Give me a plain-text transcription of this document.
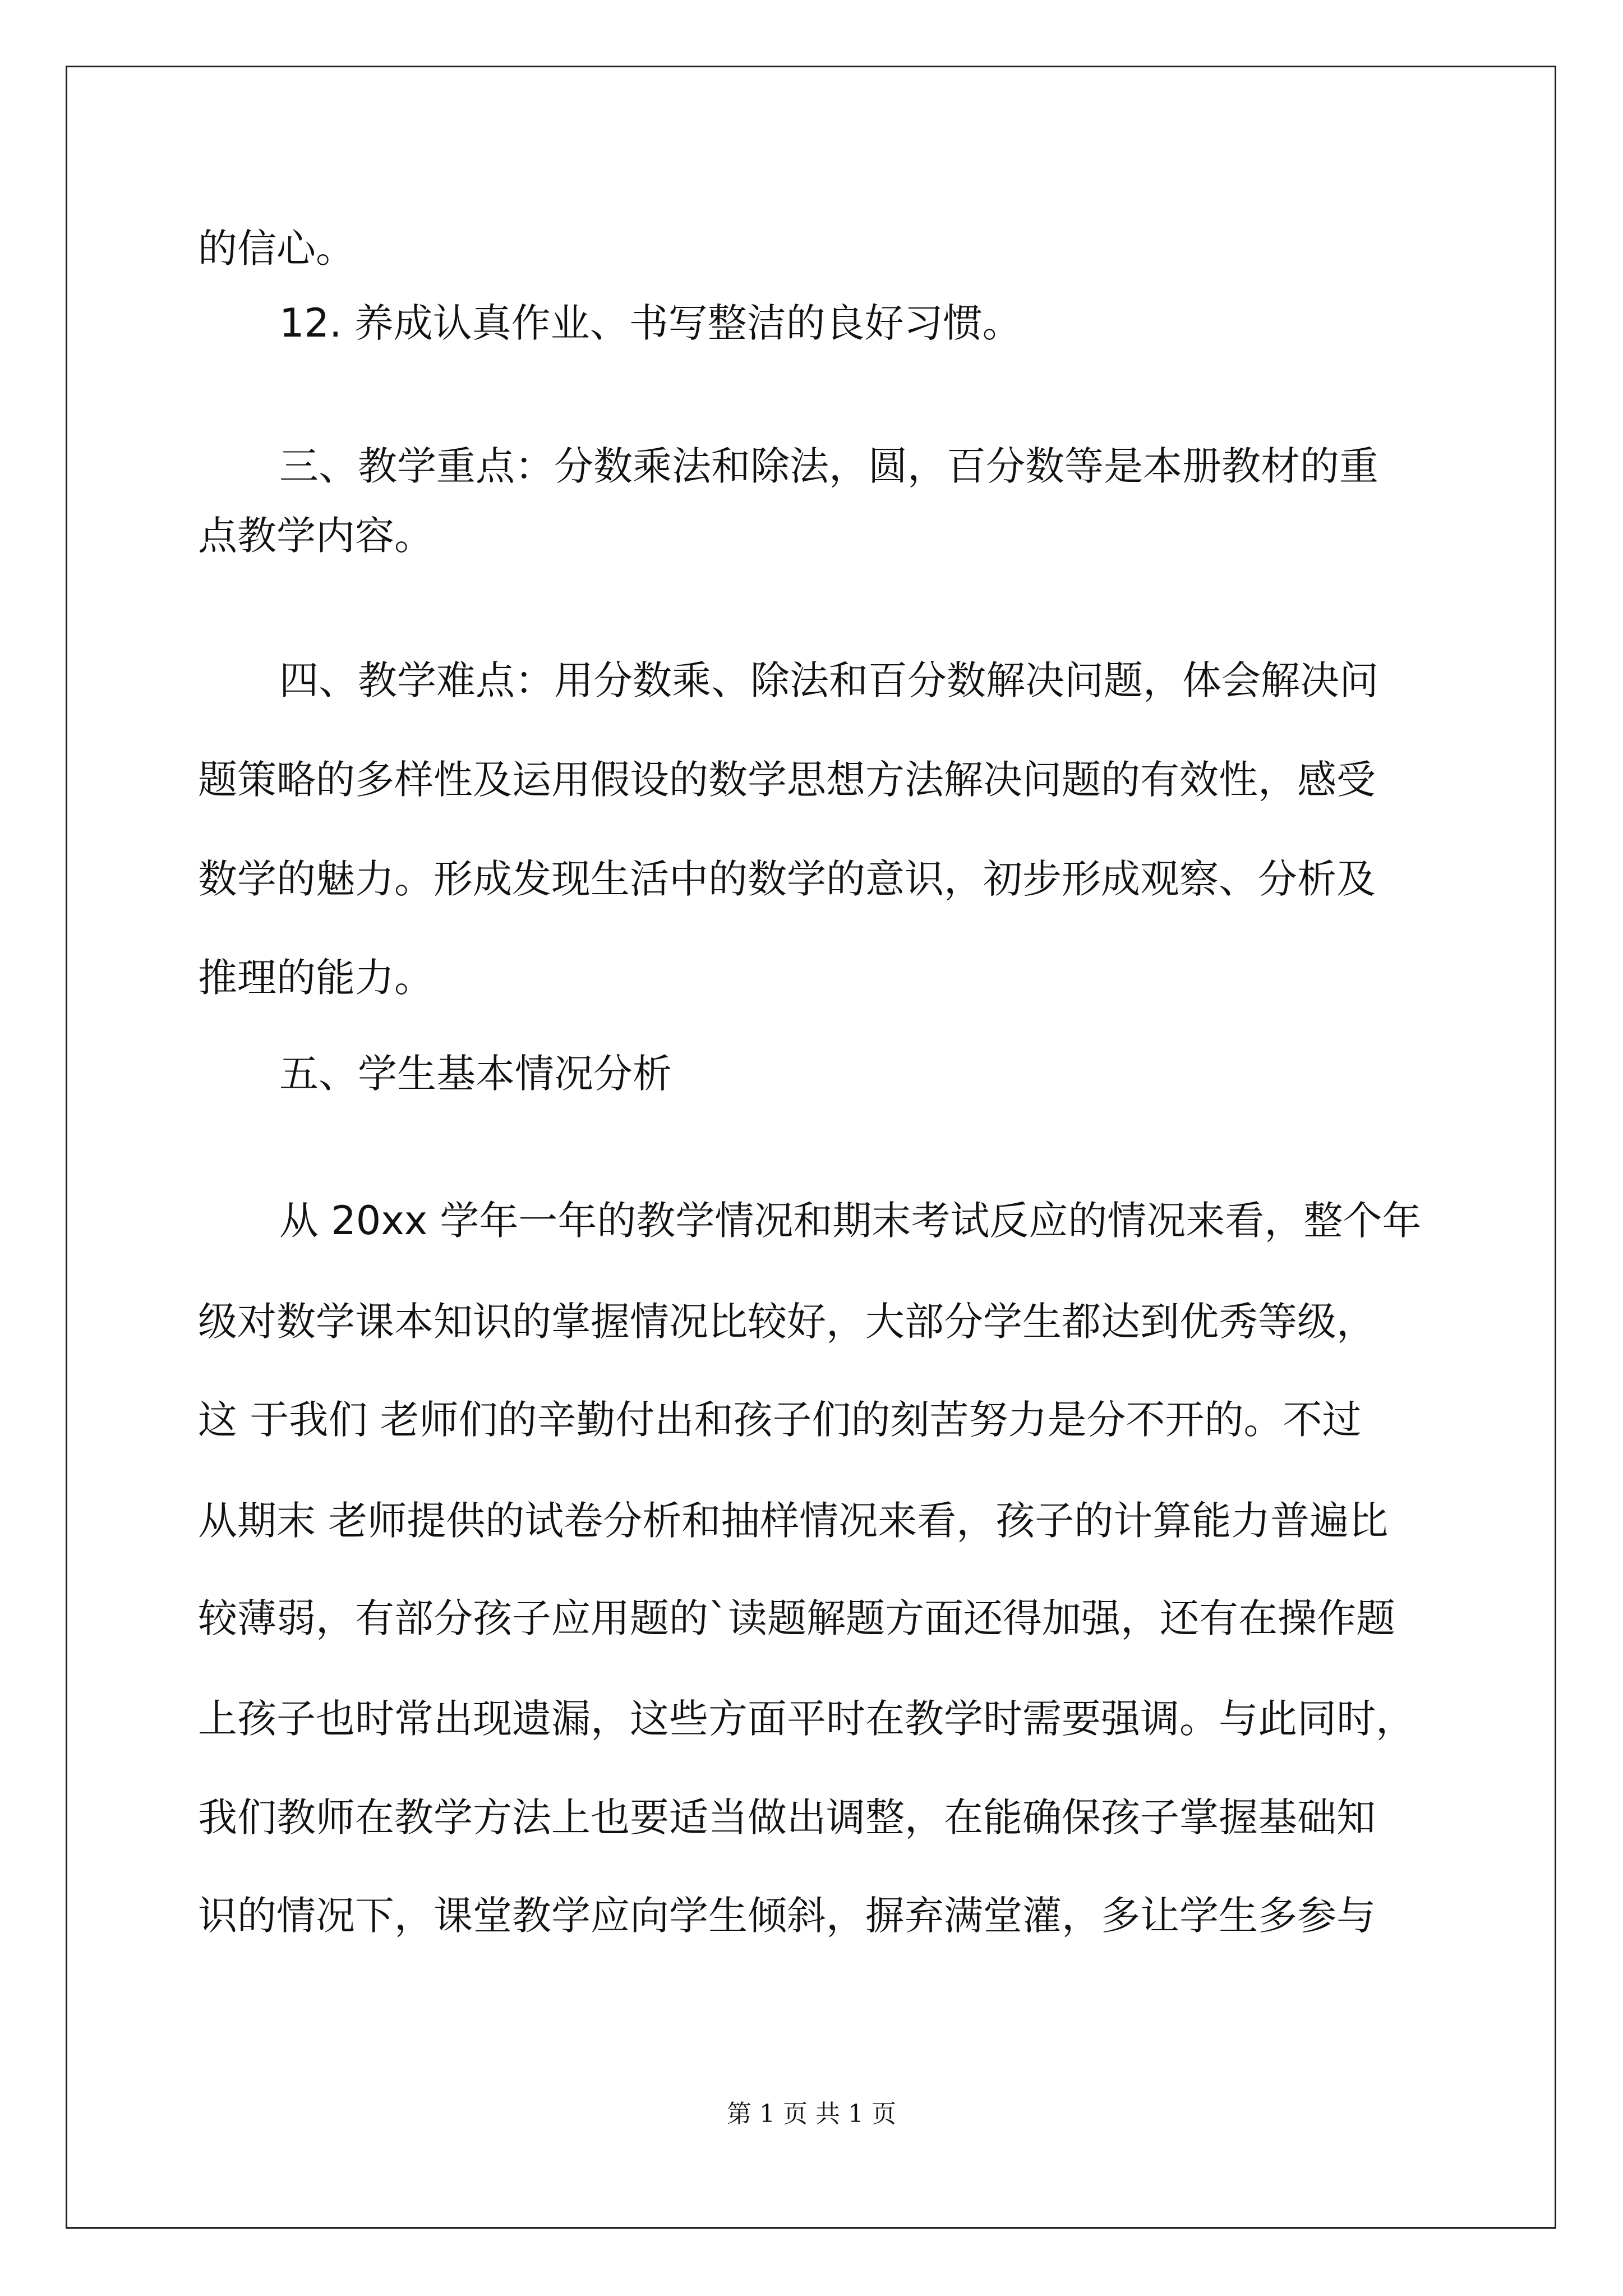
的信心。

12. 养成认真作业、书写整洁的良好习惯。

三、教学重点：分数乘法和除法，圆，百分数等是本册教材的重

点教学内容。

四、教学难点：用分数乘、除法和百分数解决问题，体会解决问

题策略的多样性及运用假设的数学思想方法解决问题的有效性，感受

数学的魅力。形成发现生活中的数学的意识，初步形成观察、分析及

推理的能力。

五、学生基本情况分析

从 20xx 学年一年的教学情况和期末考试反应的情况来看，整个年

级对数学课本知识的掌握情况比较好，大部分学生都达到优秀等级，

这 于我们 老师们的辛勤付出和孩子们的刻苦努力是分不开的。不过

从期末 老师提供的试卷分析和抽样情况来看，孩子的计算能力普遍比

较薄弱，有部分孩子应用题的`读题解题方面还得加强，还有在操作题

上孩子也时常出现遗漏，这些方面平时在教学时需要强调。与此同时，

我们教师在教学方法上也要适当做出调整，在能确保孩子掌握基础知

识的情况下，课堂教学应向学生倾斜，摒弃满堂灌，多让学生多参与

第 1 页 共 1 页
